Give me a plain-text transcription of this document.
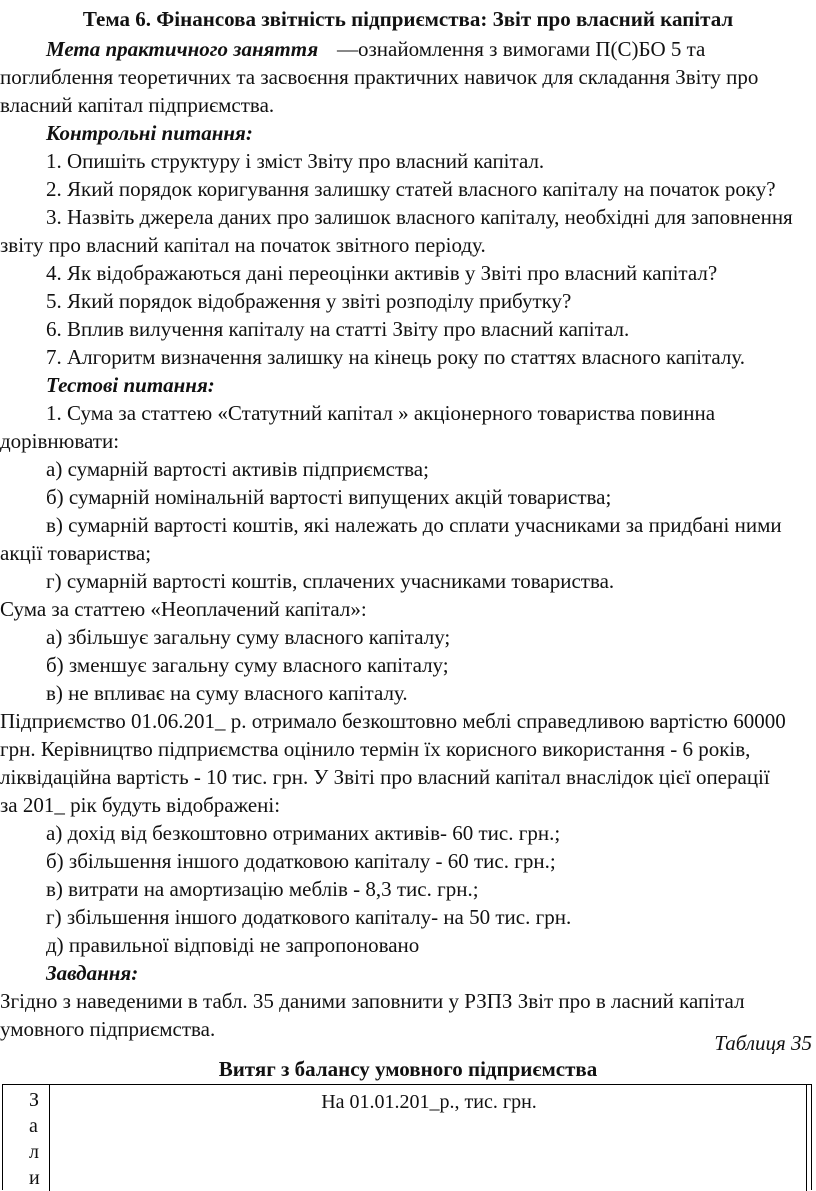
Тема 6. Фінансова звітність підприємства: Звіт про власний капітал
Мета практичного заняття —ознайомлення з вимогами П(С)БО 5 та
поглиблення теоретичних та засвоєння практичних навичок для складання Звіту про
власний капітал підприємства.
Контрольні питання:
1. Опишіть структуру і зміст Звіту про власний капітал.
2. Який порядок коригування залишку статей власного капіталу на початок року?
3. Назвіть джерела даних про залишок власного капіталу, необхідні для заповнення
звіту про власний капітал на початок звітного періоду.
4. Як відображаються дані переоцінки активів у Звіті про власний капітал?
5. Який порядок відображення у звіті розподілу прибутку?
6. Вплив вилучення капіталу на статті Звіту про власний капітал.
7. Алгоритм визначення залишку на кінець року по статтях власного капіталу.
Тестові питання:
1. Сума за статтею «Статутний капітал » акціонерного товариства повинна
дорівнювати:
а) сумарній вартості активів підприємства;
б) сумарній номінальній вартості випущених акцій товариства;
в) сумарній вартості коштів, які належать до сплати учасниками за придбані ними
акції товариства;
г) сумарній вартості коштів, сплачених учасниками товариства.
Сума за статтею «Неоплачений капітал»:
а) збільшує загальну суму власного капіталу;
б) зменшує загальну суму власного капіталу;
в) не впливає на суму власного капіталу.
Підприємство 01.06.201_ р. отримало безкоштовно меблі справедливою вартістю 60000
грн. Керівництво підприємства оцінило термін їх корисного використання - 6 років,
ліквідаційна вартість - 10 тис. грн. У Звіті про власний капітал внаслідок цієї операції
за 201_ рік будуть відображені:
а) дохід від безкоштовно отриманих активів- 60 тис. грн.;
б) збільшення іншого додатковою капіталу - 60 тис. грн.;
в) витрати на амортизацію меблів - 8,3 тис. грн.;
г) збільшення іншого додаткового капіталу- на 50 тис. грн.
д) правильної відповіді не запропоновано
Завдання:
Згідно з наведеними в табл. 35 даними заповнити у РЗПЗ Звіт про в ласний капітал
умовного підприємства.
Таблиця 35
Витяг з балансу умовного підприємства
З
а
л
и
На 01.01.201_р., тис. грн.
